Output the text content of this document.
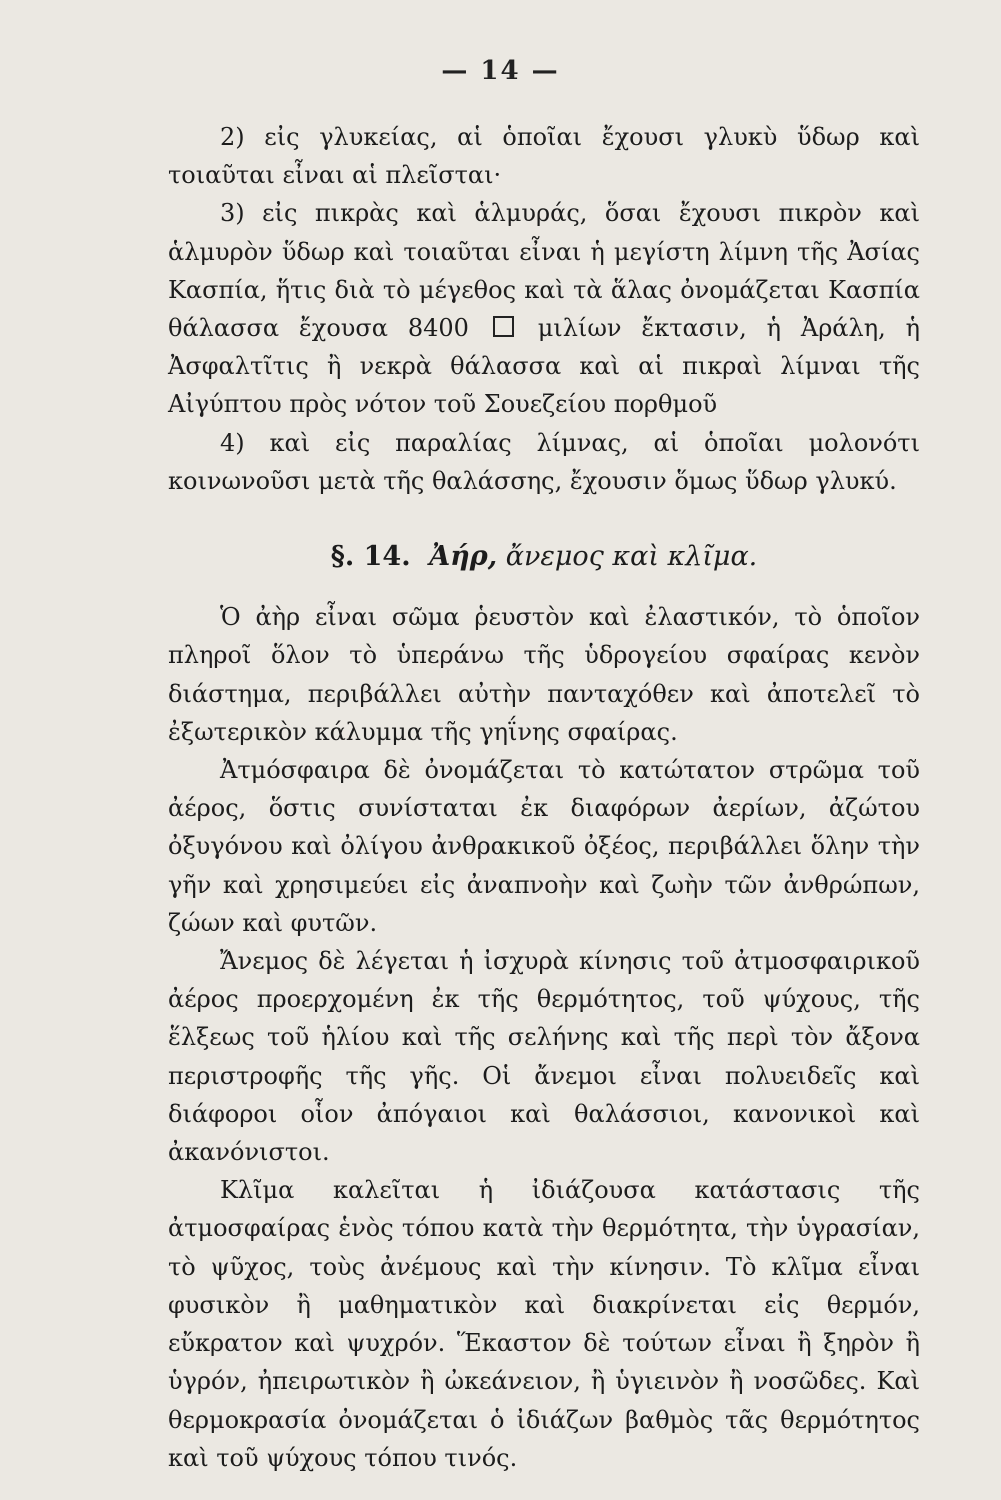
— 14 —

2) εἰς γλυκείας, αἱ ὁποῖαι ἔχουσι γλυκὺ ὕδωρ καὶ τοιαῦται εἶναι αἱ πλεῖσται·

3) εἰς πικρὰς καὶ ἁλμυράς, ὅσαι ἔχουσι πικρὸν καὶ ἁλμυρὸν ὕδωρ καὶ τοιαῦται εἶναι ἡ μεγίστη λίμνη τῆς Ἀσίας Κασπία, ἥτις διὰ τὸ μέγεθος καὶ τὰ ἅλας ὀνομάζεται Κασπία θάλασσα ἔχουσα 8400	μιλίων ἔκτασιν, ἡ Ἀράλη, ἡ Ἀσφαλτῖτις ἢ νεκρὰ θάλασσα καὶ αἱ πικραὶ λίμναι τῆς Αἰγύπτου πρὸς νότον τοῦ Σουεζείου πορθμοῦ

4) καὶ εἰς παραλίας λίμνας, αἱ ὁποῖαι μολονότι κοινωνοῦσι μετὰ τῆς θαλάσσης, ἔχουσιν ὅμως ὕδωρ γλυκύ.

§. 14. Ἀήρ, ἄνεμος καὶ κλῖμα.

Ὁ ἀὴρ εἶναι σῶμα ῥευστὸν καὶ ἐλαστικόν, τὸ ὁποῖον πληροῖ ὅλον τὸ ὑπεράνω τῆς ὑδρογείου σφαίρας κενὸν διάστημα, περιβάλλει αὐτὴν πανταχόθεν καὶ ἀποτελεῖ τὸ ἐξωτερικὸν κάλυμμα τῆς γηΐνης σφαίρας.

Ἀτμόσφαιρα δὲ ὀνομάζεται τὸ κατώτατον στρῶμα τοῦ ἀέρος, ὅστις συνίσταται ἐκ διαφόρων ἀερίων, ἀζώτου ὀξυγόνου καὶ ὀλίγου ἀνθρακικοῦ ὀξέος, περιβάλλει ὅλην τὴν γῆν καὶ χρησιμεύει εἰς ἀναπνοὴν καὶ ζωὴν τῶν ἀνθρώπων, ζώων καὶ φυτῶν.

Ἄνεμος δὲ λέγεται ἡ ἰσχυρὰ κίνησις τοῦ ἀτμοσφαιρικοῦ ἀέρος προερχομένη ἐκ τῆς θερμότητος, τοῦ ψύχους, τῆς ἕλξεως τοῦ ἡλίου καὶ τῆς σελήνης καὶ τῆς περὶ τὸν ἄξονα περιστροφῆς τῆς γῆς. Οἱ ἄνεμοι εἶναι πολυειδεῖς καὶ διάφοροι οἷον ἀπόγαιοι καὶ θαλάσσιοι, κανονικοὶ καὶ ἀκανόνιστοι.

Κλῖμα καλεῖται ἡ ἰδιάζουσα κατάστασις τῆς ἀτμοσφαίρας ἑνὸς τόπου κατὰ τὴν θερμότητα, τὴν ὑγρασίαν, τὸ ψῦχος, τοὺς ἀνέμους καὶ τὴν κίνησιν. Τὸ κλῖμα εἶναι φυσικὸν ἢ μαθηματικὸν καὶ διακρίνεται εἰς θερμόν, εὔκρατον καὶ ψυχρόν. Ἕκαστον δὲ τούτων εἶναι ἢ ξηρὸν ἢ ὑγρόν, ἠπειρωτικὸν ἢ ὠκεάνειον, ἢ ὑγιεινὸν ἢ νοσῶδες. Καὶ θερμοκρασία ὀνομάζεται ὁ ἰδιάζων βαθμὸς τᾶς θερμότητος καὶ τοῦ ψύχους τόπου τινός.
